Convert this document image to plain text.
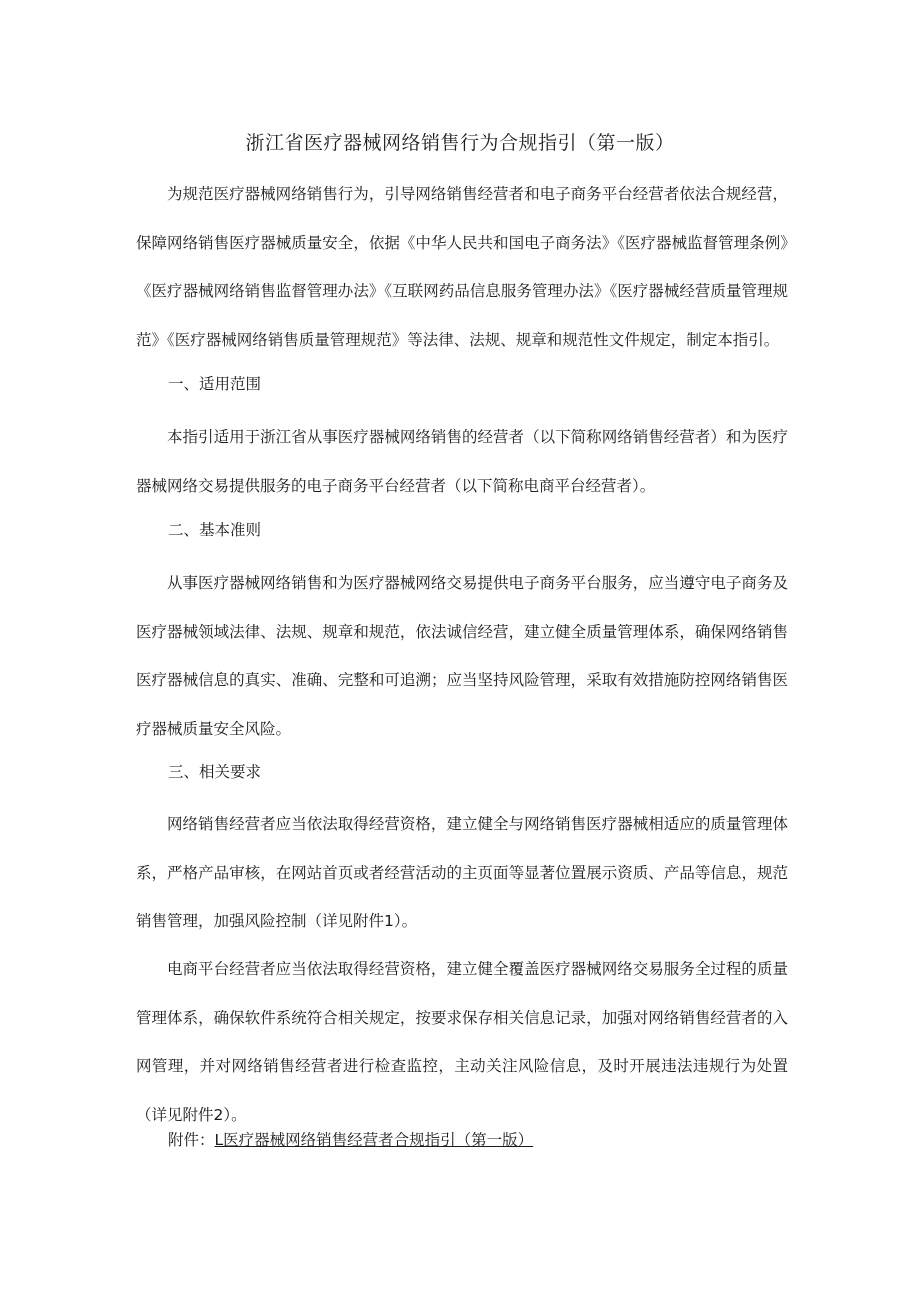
浙江省医疗器械网络销售行为合规指引（第一版）

为规范医疗器械网络销售行为，引导网络销售经营者和电子商务平台经营者依法合规经营，保障网络销售医疗器械质量安全，依据《中华人民共和国电子商务法》《医疗器械监督管理条例》《医疗器械网络销售监督管理办法》《互联网药品信息服务管理办法》《医疗器械经营质量管理规范》《医疗器械网络销售质量管理规范》等法律、法规、规章和规范性文件规定，制定本指引。

一、适用范围

本指引适用于浙江省从事医疗器械网络销售的经营者（以下简称网络销售经营者）和为医疗器械网络交易提供服务的电子商务平台经营者（以下简称电商平台经营者）。

二、基本准则

从事医疗器械网络销售和为医疗器械网络交易提供电子商务平台服务，应当遵守电子商务及医疗器械领域法律、法规、规章和规范，依法诚信经营，建立健全质量管理体系，确保网络销售医疗器械信息的真实、准确、完整和可追溯；应当坚持风险管理，采取有效措施防控网络销售医疗器械质量安全风险。

三、相关要求

网络销售经营者应当依法取得经营资格，建立健全与网络销售医疗器械相适应的质量管理体系，严格产品审核，在网站首页或者经营活动的主页面等显著位置展示资质、产品等信息，规范销售管理，加强风险控制（详见附件1）。

电商平台经营者应当依法取得经营资格，建立健全覆盖医疗器械网络交易服务全过程的质量管理体系，确保软件系统符合相关规定，按要求保存相关信息记录，加强对网络销售经营者的入网管理，并对网络销售经营者进行检查监控，主动关注风险信息，及时开展违法违规行为处置（详见附件2）。

附件：L医疗器械网络销售经营者合规指引（第一版）
